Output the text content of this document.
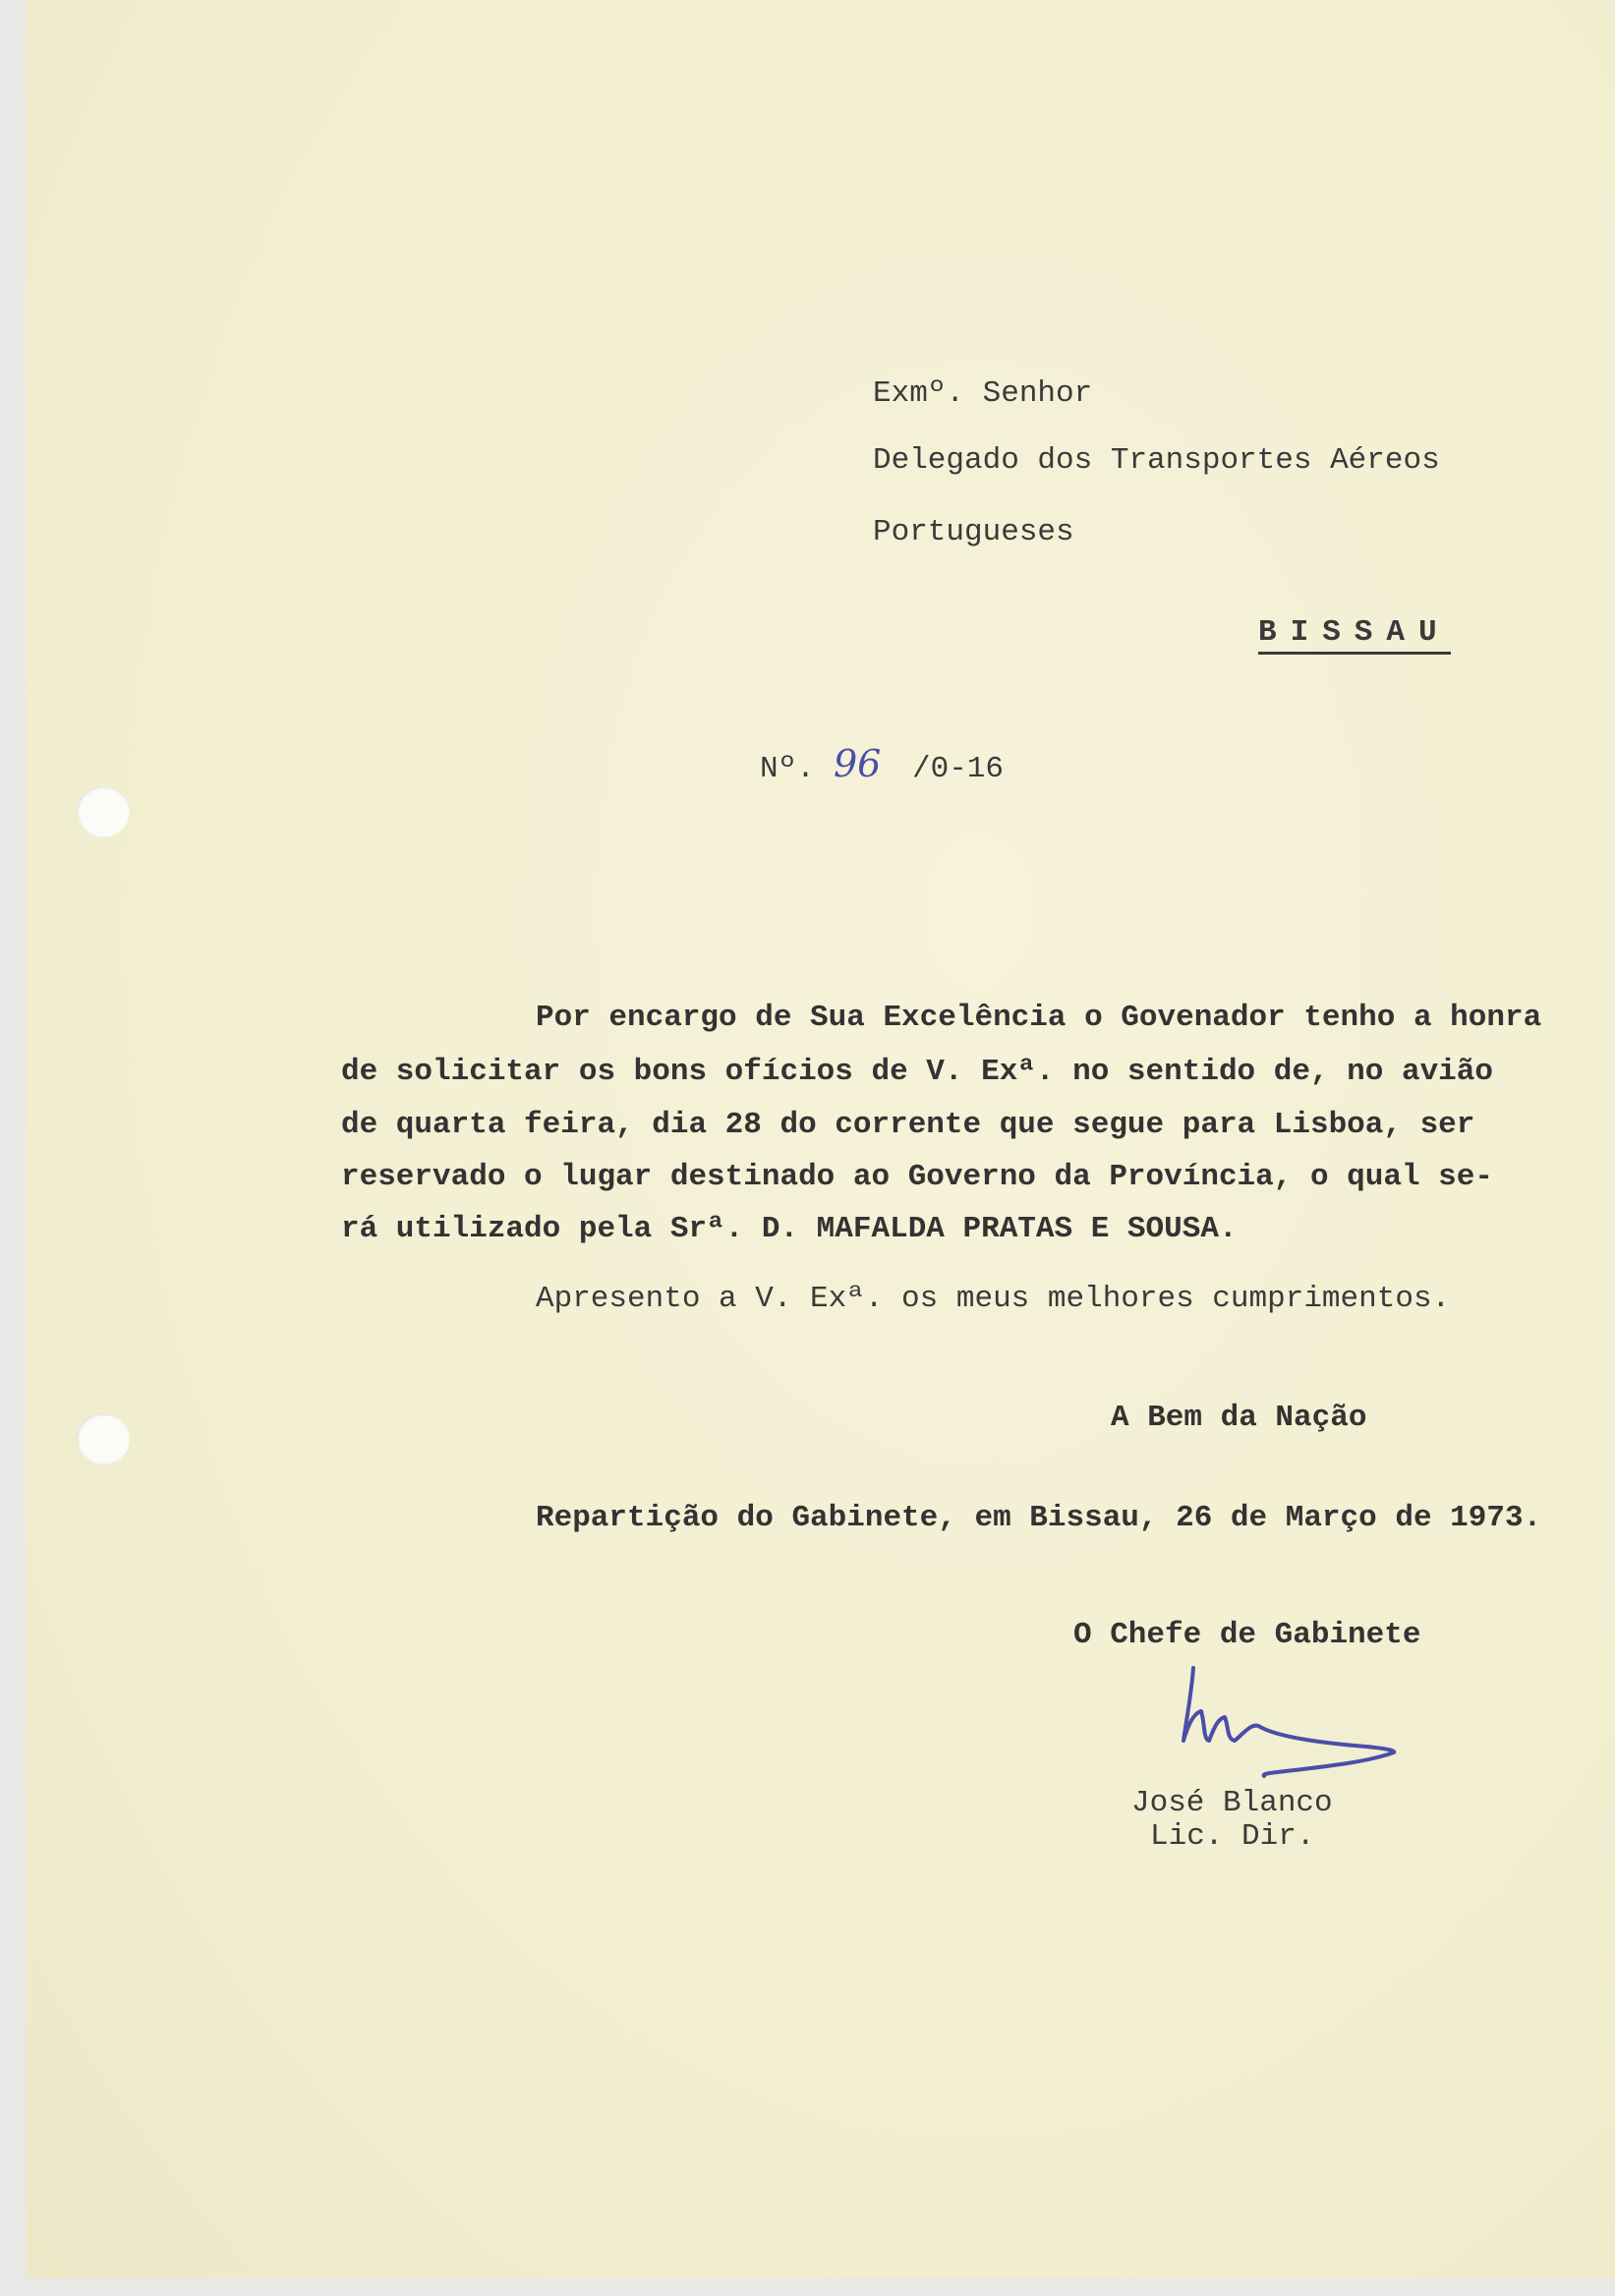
Exmº. Senhor
Delegado dos Transportes Aéreos
Portugueses
BISSAU
Nº. 96 /0-16
Por encargo de Sua Excelência o Govenador tenho a honra
de solicitar os bons ofícios de V. Exª. no sentido de, no avião
de quarta feira, dia 28 do corrente que segue para Lisboa, ser
reservado o lugar destinado ao Governo da Província, o qual se-
rá utilizado pela Srª. D. MAFALDA PRATAS E SOUSA.
Apresento a V. Exª. os meus melhores cumprimentos.
A Bem da Nação
Repartição do Gabinete, em Bissau, 26 de Março de 1973.
O Chefe de Gabinete
José Blanco
Lic. Dir.
